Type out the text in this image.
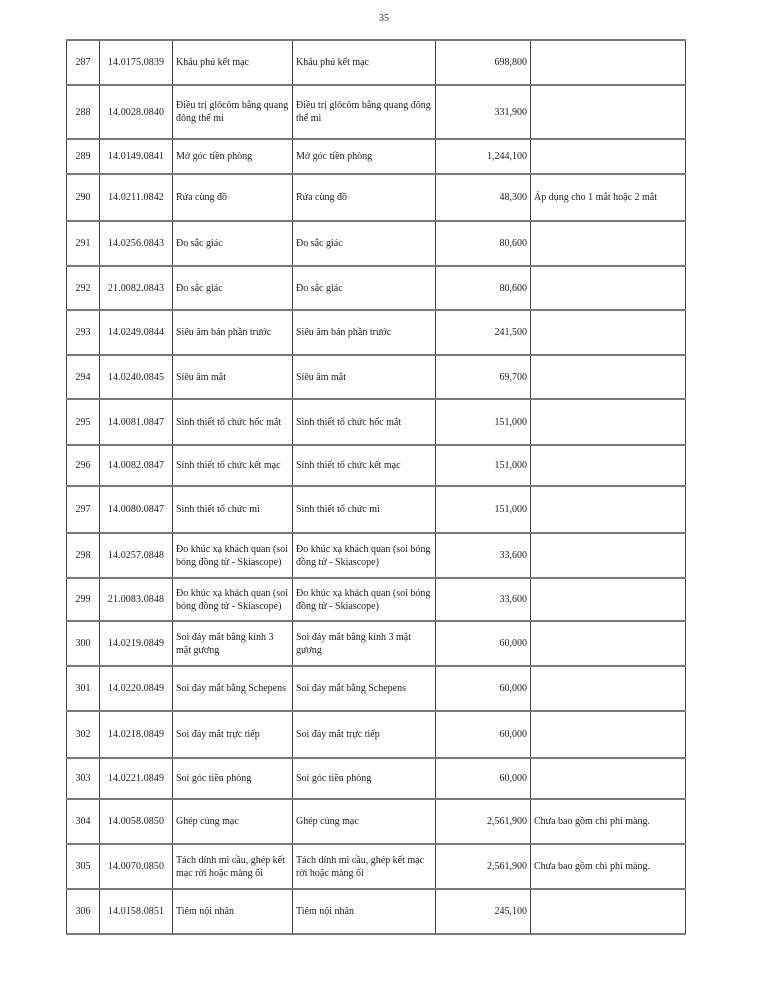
35
287	14.0175.0839	Khâu phủ kết mạc	Khâu phủ kết mạc	698,800	
288	14.0028.0840	Điều trị glôcôm bằng quang đông thể mi	Điều trị glôcôm bằng quang đông thể mi	331,900	
289	14.0149.0841	Mở góc tiền phòng	Mở góc tiền phòng	1,244,100	
290	14.0211.0842	Rửa cùng đồ	Rửa cùng đồ	48,300	Áp dụng cho 1 mắt hoặc 2 mắt
291	14.0256.0843	Đo sắc giác	Đo sắc giác	80,600	
292	21.0082.0843	Đo sắc giác	Đo sắc giác	80,600	
293	14.0249.0844	Siêu âm bán phần trước	Siêu âm bán phần trước	241,500	
294	14.0240.0845	Siêu âm mắt	Siêu âm mắt	69,700	
295	14.0081.0847	Sinh thiết tổ chức hốc mắt	Sinh thiết tổ chức hốc mắt	151,000	
296	14.0082.0847	Sinh thiết tổ chức kết mạc	Sinh thiết tổ chức kết mạc	151,000	
297	14.0080.0847	Sinh thiết tổ chức mi	Sinh thiết tổ chức mi	151,000	
298	14.0257.0848	Đo khúc xạ khách quan (soi bóng đồng tử - Skiascope)	Đo khúc xạ khách quan (soi bóng đồng tử - Skiascope)	33,600	
299	21.0083.0848	Đo khúc xạ khách quan (soi bóng đồng tử - Skiascope)	Đo khúc xạ khách quan (soi bóng đồng tử - Skiascope)	33,600	
300	14.0219.0849	Soi đáy mắt bằng kính 3 mặt gương	Soi đáy mắt bằng kính 3 mặt gương	60,000	
301	14.0220.0849	Soi đáy mắt bằng Schepens	Soi đáy mắt bằng Schepens	60,000	
302	14.0218.0849	Soi đáy mắt trực tiếp	Soi đáy mắt trực tiếp	60,000	
303	14.0221.0849	Soi góc tiền phòng	Soi góc tiền phòng	60,000	
304	14.0058.0850	Ghép củng mạc	Ghép củng mạc	2,561,900	Chưa bao gồm chi phí màng.
305	14.0070.0850	Tách dính mi cầu, ghép kết mạc rời hoặc màng ối	Tách dính mi cầu, ghép kết mạc rời hoặc màng ối	2,561,900	Chưa bao gồm chi phí màng.
306	14.0158.0851	Tiêm nội nhãn	Tiêm nội nhãn	245,100	
